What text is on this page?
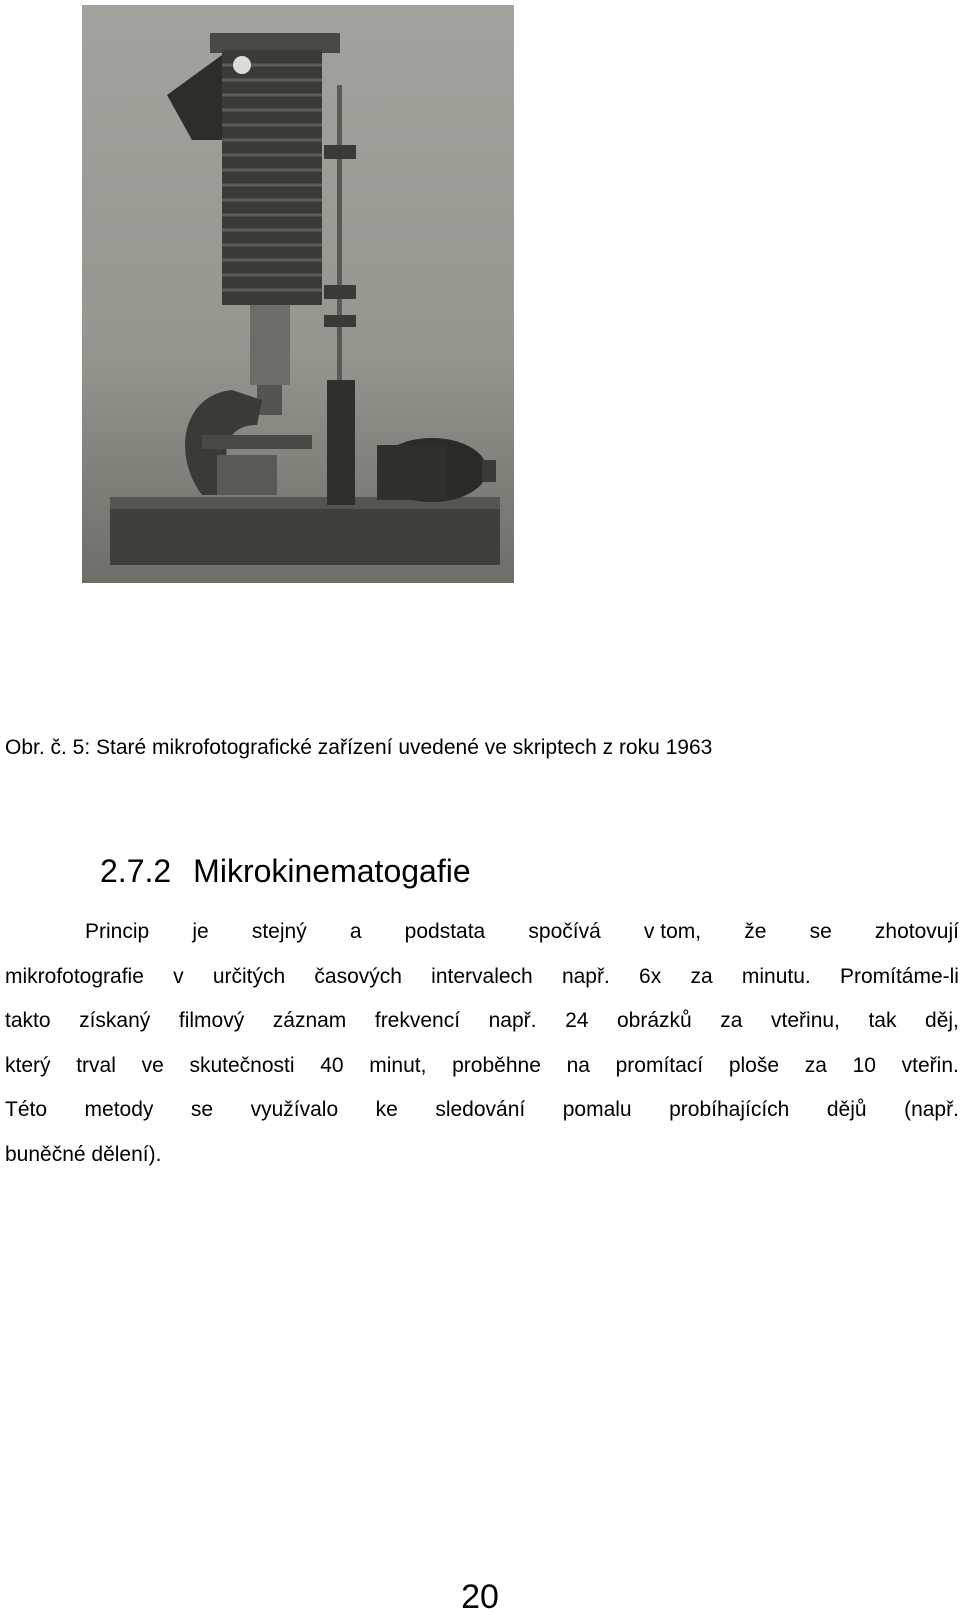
Obr. č. 5: Staré mikrofotografické zařízení uvedené ve skriptech z roku 1963
2.7.2 Mikrokinematogafie
Princip je stejný a podstata spočívá v tom, že se zhotovují
mikrofotografie v určitých časových intervalech např. 6x za minutu. Promítáme-li
takto získaný filmový záznam frekvencí např. 24 obrázků za vteřinu, tak děj,
který trval ve skutečnosti 40 minut, proběhne na promítací ploše za 10 vteřin.
Této metody se využívalo ke sledování pomalu probíhajících dějů (např.
buněčné dělení).
20
